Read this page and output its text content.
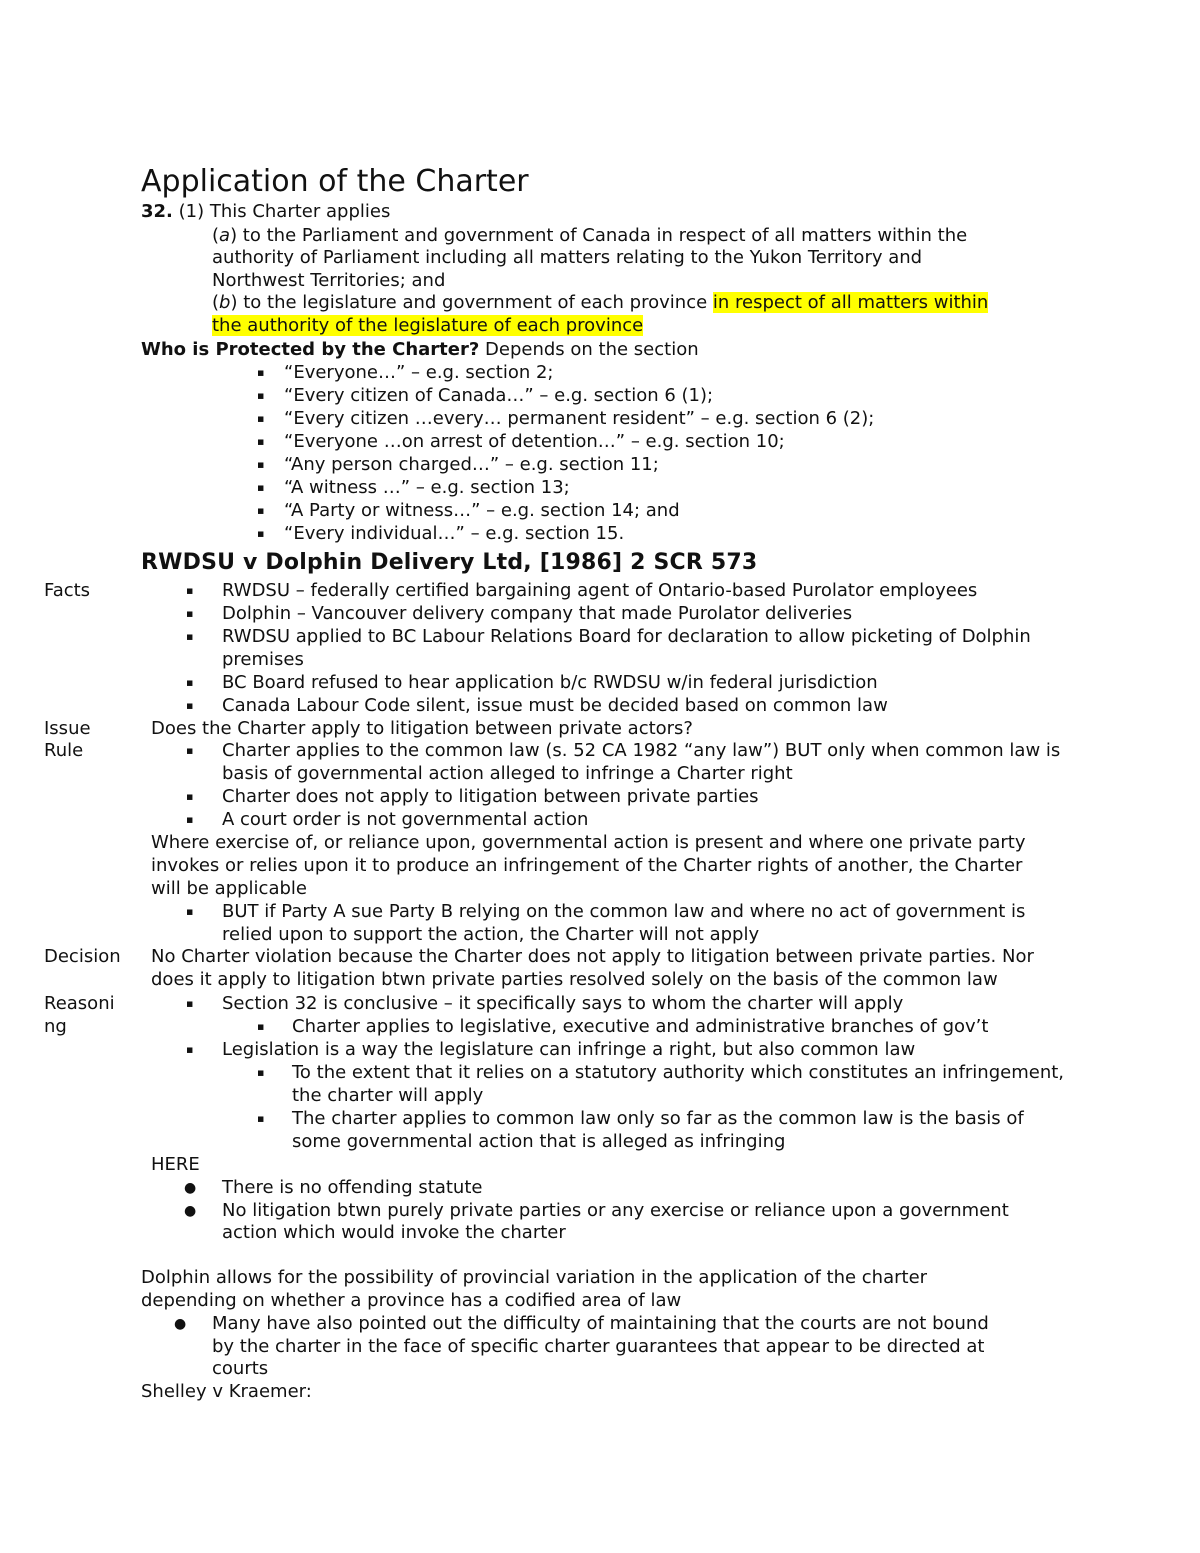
Application of the Charter
32. (1) This Charter applies
(a) to the Parliament and government of Canada in respect of all matters within the
authority of Parliament including all matters relating to the Yukon Territory and
Northwest Territories; and
(b) to the legislature and government of each province in respect of all matters within
the authority of the legislature of each province
Who is Protected by the Charter? Depends on the section
▪ “Everyone…” – e.g. section 2;
▪ “Every citizen of Canada…” – e.g. section 6 (1);
▪ “Every citizen …every… permanent resident” – e.g. section 6 (2);
▪ “Everyone …on arrest of detention…” – e.g. section 10;
▪ “Any person charged…” – e.g. section 11;
▪ “A witness …” – e.g. section 13;
▪ “A Party or witness…” – e.g. section 14; and
▪ “Every individual…” – e.g. section 15.
RWDSU v Dolphin Delivery Ltd, [1986] 2 SCR 573
Facts	▪ RWDSU – federally certified bargaining agent of Ontario-based Purolator employees
▪ Dolphin – Vancouver delivery company that made Purolator deliveries
▪ RWDSU applied to BC Labour Relations Board for declaration to allow picketing of Dolphin
premises
▪ BC Board refused to hear application b/c RWDSU w/in federal jurisdiction
▪ Canada Labour Code silent, issue must be decided based on common law
Issue	Does the Charter apply to litigation between private actors?
Rule	▪ Charter applies to the common law (s. 52 CA 1982 “any law”) BUT only when common law is
basis of governmental action alleged to infringe a Charter right
▪ Charter does not apply to litigation between private parties
▪ A court order is not governmental action
Where exercise of, or reliance upon, governmental action is present and where one private party
invokes or relies upon it to produce an infringement of the Charter rights of another, the Charter
will be applicable
▪ BUT if Party A sue Party B relying on the common law and where no act of government is
relied upon to support the action, the Charter will not apply
Decision No Charter violation because the Charter does not apply to litigation between private parties. Nor
does it apply to litigation btwn private parties resolved solely on the basis of the common law
Reasoni
ng
▪ Section 32 is conclusive – it specifically says to whom the charter will apply
▪ Charter applies to legislative, executive and administrative branches of gov’t
▪ Legislation is a way the legislature can infringe a right, but also common law
▪ To the extent that it relies on a statutory authority which constitutes an infringement,
the charter will apply
▪ The charter applies to common law only so far as the common law is the basis of
some governmental action that is alleged as infringing
HERE
● There is no offending statute
● No litigation btwn purely private parties or any exercise or reliance upon a government
action which would invoke the charter
Dolphin allows for the possibility of provincial variation in the application of the charter
depending on whether a province has a codified area of law
● Many have also pointed out the difficulty of maintaining that the courts are not bound
by the charter in the face of specific charter guarantees that appear to be directed at
courts
Shelley v Kraemer:
